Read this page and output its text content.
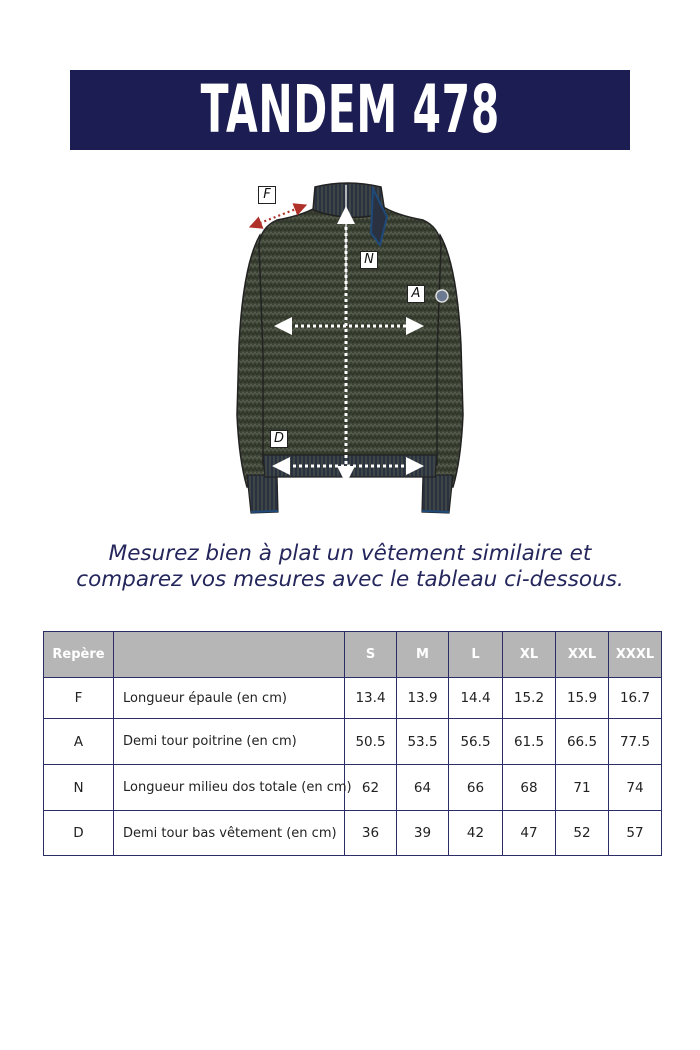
TANDEM 478
F
N
A
D
Mesurez bien à plat un vêtement similaire et
comparez vos mesures avec le tableau ci-dessous.
Repère		S	M	L	XL	XXL	XXXL
F	Longueur épaule (en cm)	13.4	13.9	14.4	15.2	15.9	16.7
A	Demi tour poitrine (en cm)	50.5	53.5	56.5	61.5	66.5	77.5
N	Longueur milieu dos totale (en cm)	62	64	66	68	71	74
D	Demi tour bas vêtement (en cm)	36	39	42	47	52	57
